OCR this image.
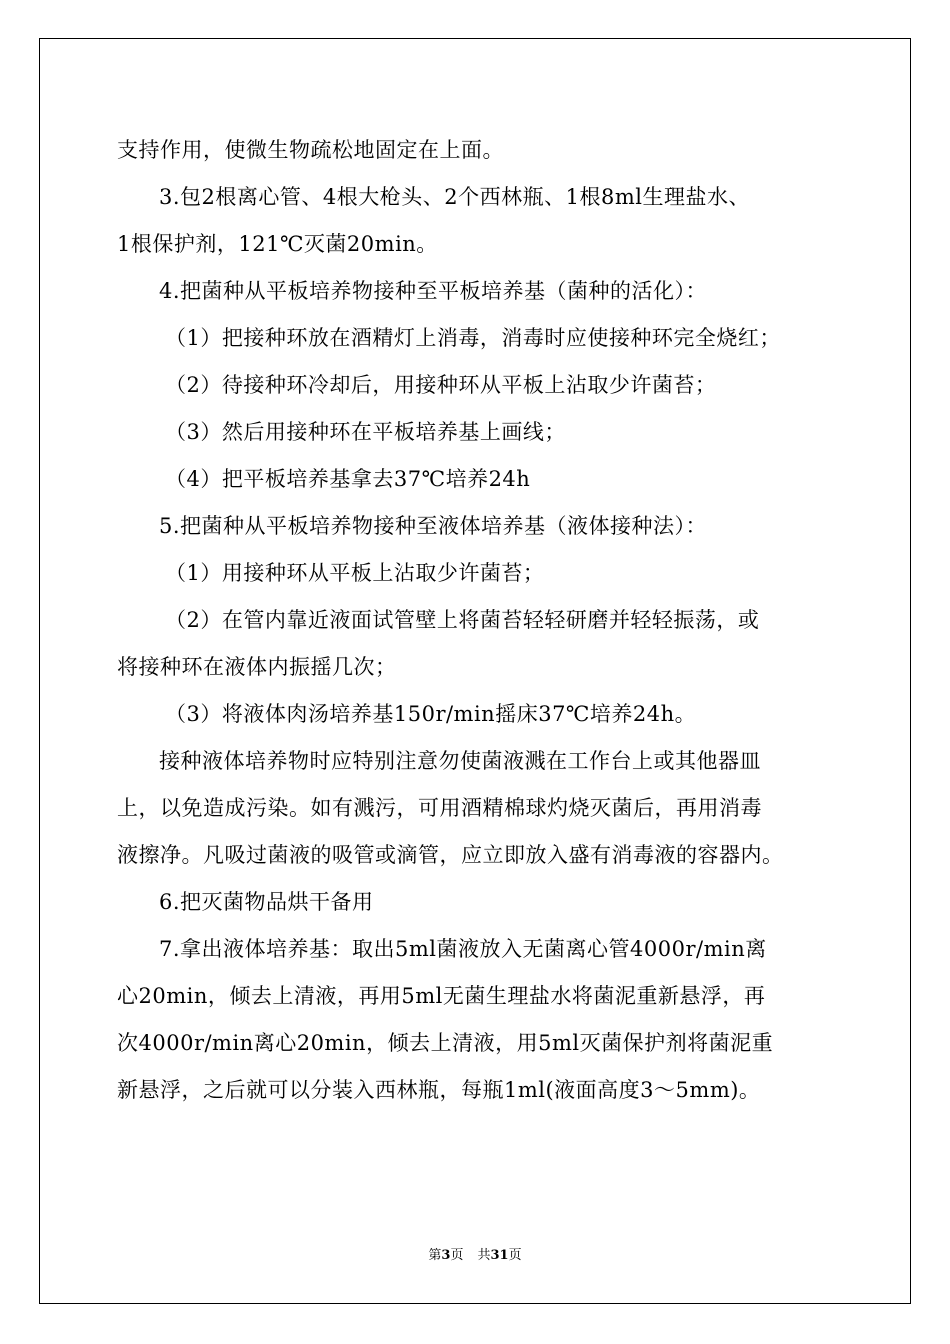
支持作用，使微生物疏松地固定在上面。
3.包2根离心管、4根大枪头、2个西林瓶、1根8ml生理盐水、
1根保护剂，121℃灭菌20min。
4.把菌种从平板培养物接种至平板培养基（菌种的活化）：
（1）把接种环放在酒精灯上消毒，消毒时应使接种环完全烧红；
（2）待接种环冷却后，用接种环从平板上沾取少许菌苔；
（3）然后用接种环在平板培养基上画线；
（4）把平板培养基拿去37℃培养24h
5.把菌种从平板培养物接种至液体培养基（液体接种法）：
（1）用接种环从平板上沾取少许菌苔；
（2）在管内靠近液面试管壁上将菌苔轻轻研磨并轻轻振荡，或
将接种环在液体内振摇几次；
（3）将液体肉汤培养基150r/min摇床37℃培养24h。
接种液体培养物时应特别注意勿使菌液溅在工作台上或其他器皿
上，以免造成污染。如有溅污，可用酒精棉球灼烧灭菌后，再用消毒
液擦净。凡吸过菌液的吸管或滴管，应立即放入盛有消毒液的容器内。
6.把灭菌物品烘干备用
7.拿出液体培养基：取出5ml菌液放入无菌离心管4000r/min离
心20min，倾去上清液，再用5ml无菌生理盐水将菌泥重新悬浮，再
次4000r/min离心20min，倾去上清液，用5ml灭菌保护剂将菌泥重
新悬浮，之后就可以分装入西林瓶，每瓶1ml(液面高度3～5mm)。
第3页 共31页
